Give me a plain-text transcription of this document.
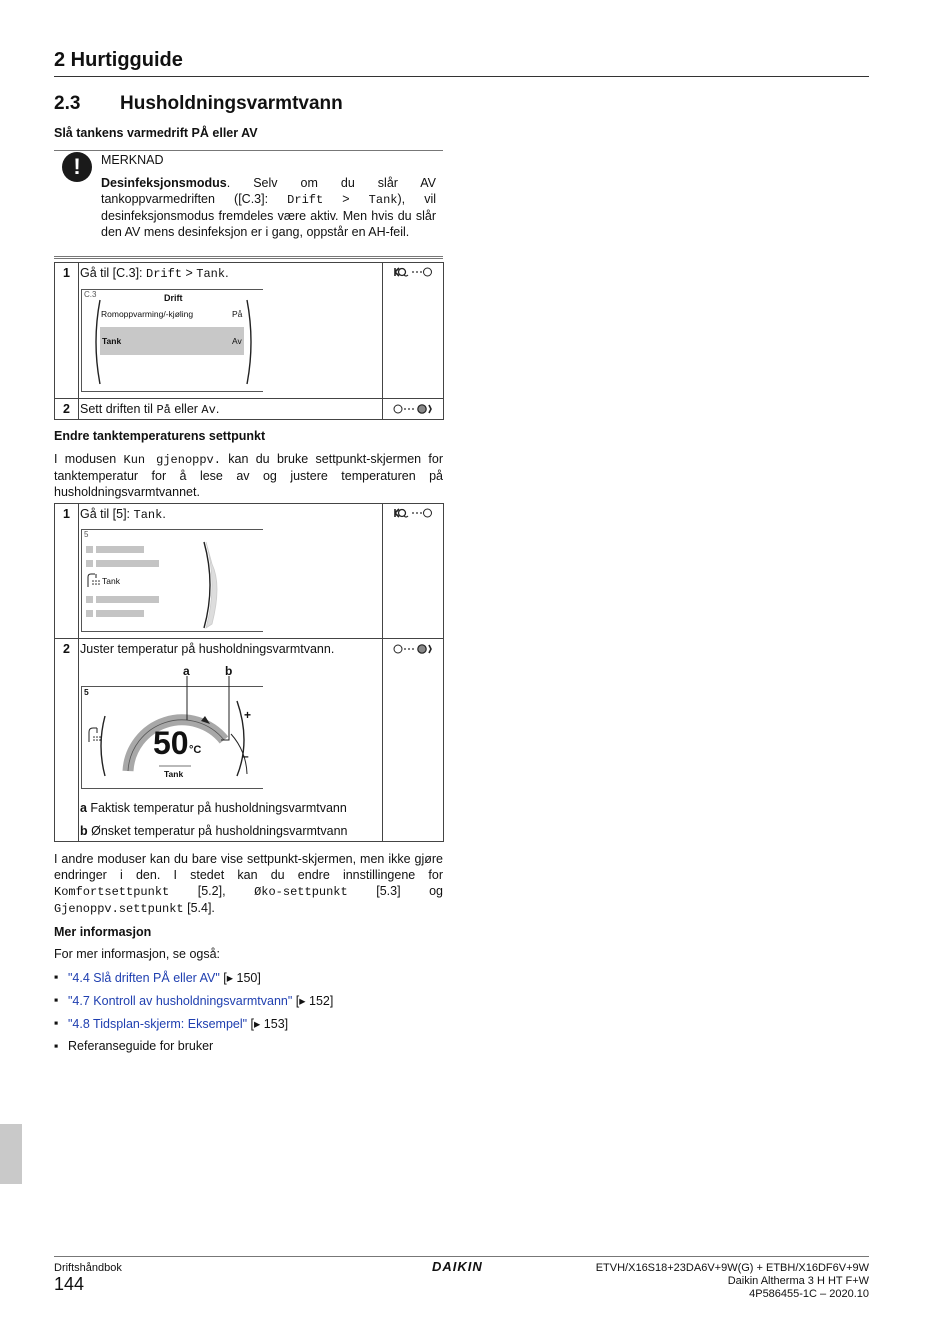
2 Hurtigguide
2.3 Husholdningsvarmtvann
Slå tankens varmedrift PÅ eller AV
!	MERKNAD
Desinfeksjonsmodus. Selv om du slår AV tankoppvarmedriften ([C.3]: Drift > Tank), vil desinfeksjonsmodus fremdeles være aktiv. Men hvis du slår den AV mens desinfeksjon er i gang, oppstår en AH-feil.
1 Gå til [C.3]: Drift > Tank.
C.3	Drift
Romoppvarming/-kjøling	På
Tank	Av
2 Sett driften til På eller Av.
Endre tanktemperaturens settpunkt
I modusen Kun gjenoppv. kan du bruke settpunkt-skjermen for tanktemperatur for å lese av og justere temperaturen på husholdningsvarmtvannet.
1 Gå til [5]: Tank.
5
Tank
2 Juster temperatur på husholdningsvarmtvann.
a	b
5
50 °C
Tank
+
–
a Faktisk temperatur på husholdningsvarmtvann
b Ønsket temperatur på husholdningsvarmtvann
I andre moduser kan du bare vise settpunkt-skjermen, men ikke gjøre endringer i den. I stedet kan du endre innstillingene for Komfortsettpunkt [5.2], Øko-settpunkt [5.3] og Gjenoppv.settpunkt [5.4].
Mer informasjon
For mer informasjon, se også:
▪ "4.4 Slå driften PÅ eller AV" [▸ 150]
▪ "4.7 Kontroll av husholdningsvarmtvann" [▸ 152]
▪ "4.8 Tidsplan-skjerm: Eksempel" [▸ 153]
▪ Referanseguide for bruker
Driftshåndbok
144
DAIKIN	ETVH/X16S18+23DA6V+9W(G) + ETBH/X16DF6V+9W
Daikin Altherma 3 H HT F+W
4P586455-1C – 2020.10
